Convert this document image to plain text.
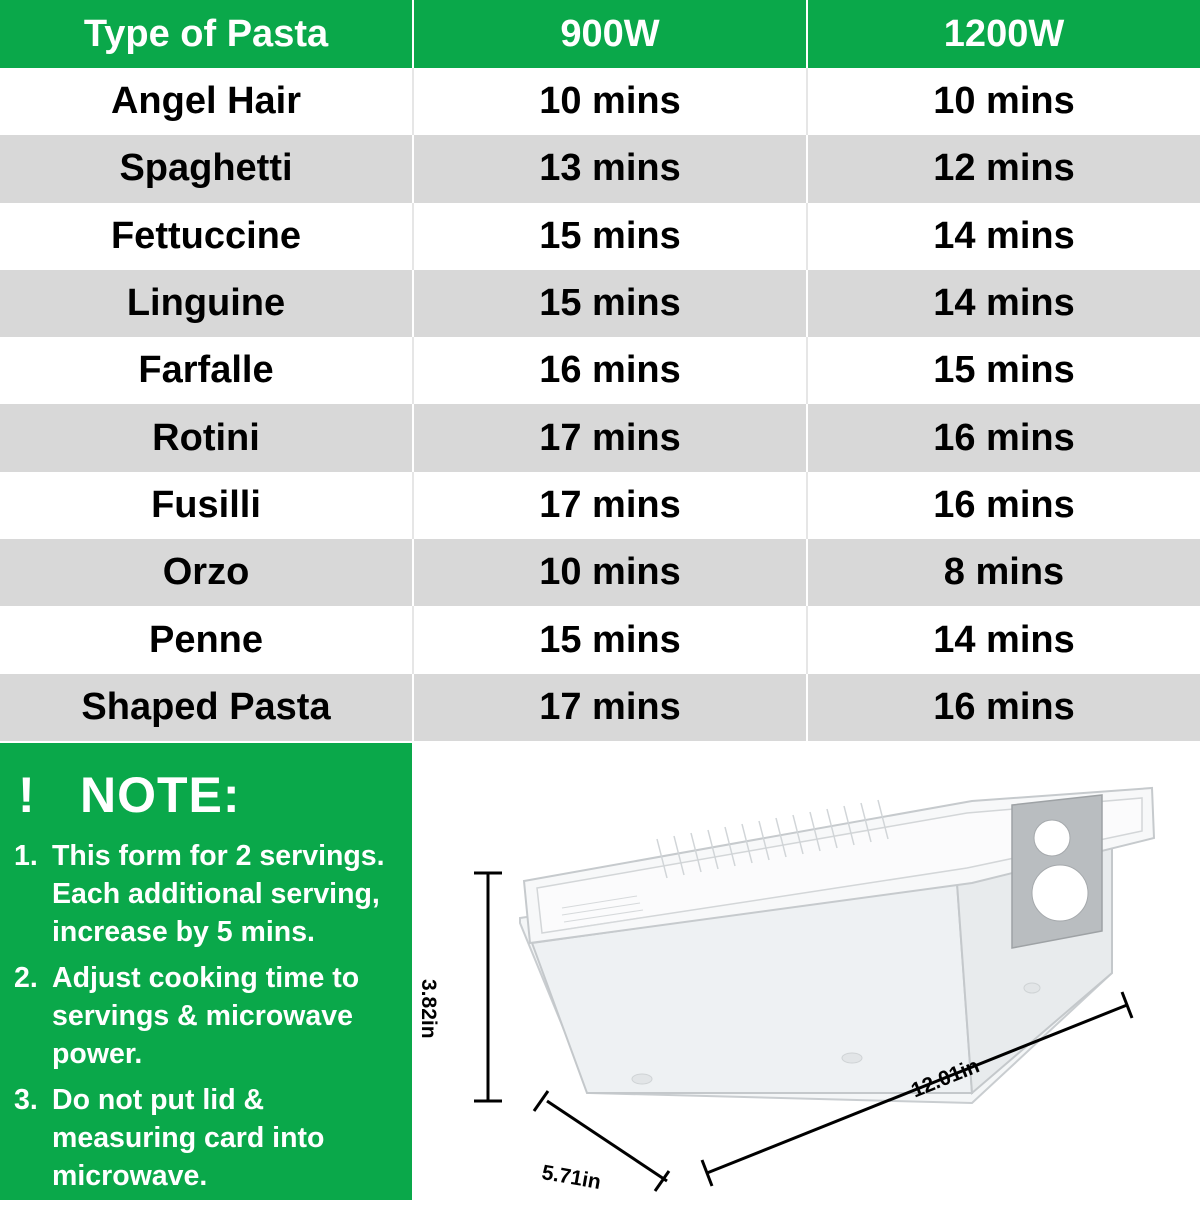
Type of Pasta	900W	1200W
Angel Hair	10 mins	10 mins
Spaghetti	13 mins	12 mins
Fettuccine	15 mins	14 mins
Linguine	15 mins	14 mins
Farfalle	16 mins	15 mins
Rotini	17 mins	16 mins
Fusilli	17 mins	16 mins
Orzo	10 mins	8 mins
Penne	15 mins	14 mins
Shaped Pasta	17 mins	16 mins
! NOTE:
1. This form for 2 servings. Each additional serving, increase by 5 mins.
2. Adjust cooking time to servings & microwave power.
3. Do not put lid & measuring card into microwave.
3.82in
12.01in
5.71in
